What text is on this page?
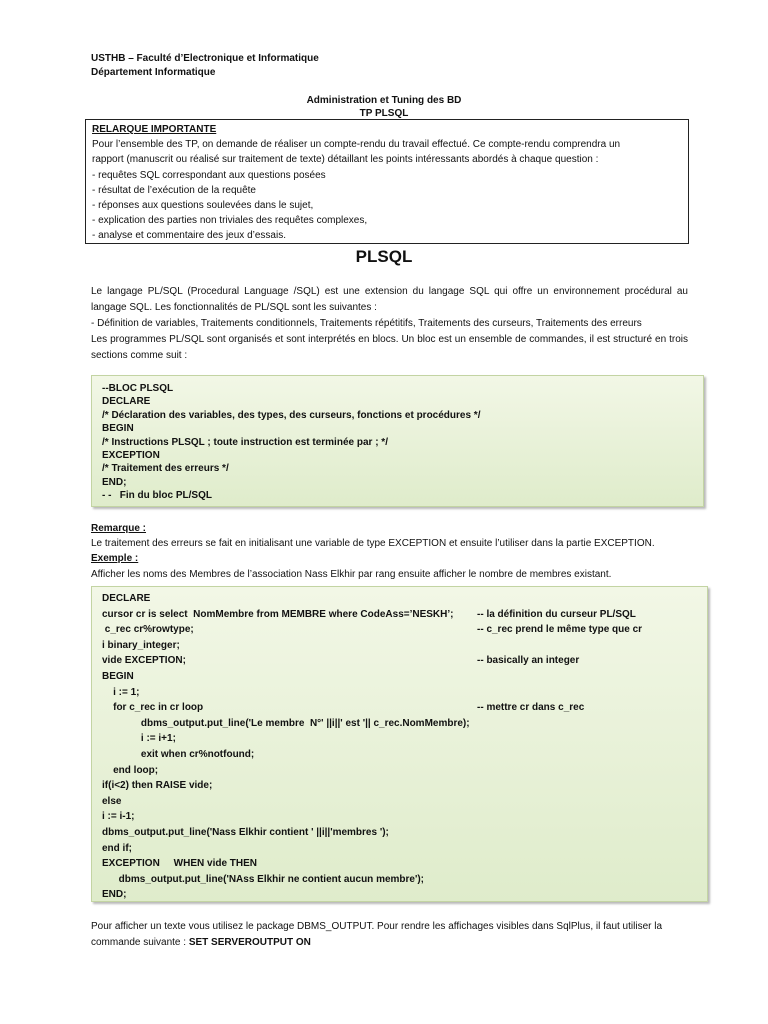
USTHB – Faculté d’Electronique et Informatique
Département Informatique
Administration et Tuning des BD
TP PLSQL
RELARQUE IMPORTANTE
Pour l’ensemble des TP, on demande de réaliser un compte-rendu du travail effectué. Ce compte-rendu comprendra un
rapport (manuscrit ou réalisé sur traitement de texte) détaillant les points intéressants abordés à chaque question :
- requêtes SQL correspondant aux questions posées
- résultat de l’exécution de la requête
- réponses aux questions soulevées dans le sujet,
- explication des parties non triviales des requêtes complexes,
- analyse et commentaire des jeux d’essais.
PLSQL
Le langage PL/SQL (Procedural Language /SQL) est une extension du langage SQL qui offre un environnement procédural au langage SQL. Les fonctionnalités de PL/SQL sont les suivantes :
- Définition de variables, Traitements conditionnels, Traitements répétitifs, Traitements des curseurs, Traitements des erreurs
Les programmes PL/SQL sont organisés et sont interprétés en blocs. Un bloc est un ensemble de commandes, il est structuré en trois sections comme suit :
--BLOC PLSQL
DECLARE
/* Déclaration des variables, des types, des curseurs, fonctions et procédures */
BEGIN
/* Instructions PLSQL ; toute instruction est terminée par ; */
EXCEPTION
/* Traitement des erreurs */
END;
- -   Fin du bloc PL/SQL
Remarque :
Le traitement des erreurs se fait en initialisant une variable de type EXCEPTION et ensuite l’utiliser dans la partie EXCEPTION.
Exemple :
Afficher les noms des Membres de l’association Nass Elkhir par rang ensuite afficher le nombre de membres existant.
DECLARE
cursor cr is select  NomMembre from MEMBRE where CodeAss=’NESKH’; -- la définition du curseur PL/SQL
c_rec cr%rowtype;	-- c_rec prend le même type que cr
i binary_integer;
vide EXCEPTION;	-- basically an integer
BEGIN
i := 1;
for c_rec in cr loop	-- mettre cr dans c_rec
dbms_output.put_line('Le membre  N°' ||i||' est '|| c_rec.NomMembre);
i := i+1;
exit when cr%notfound;
end loop;
if(i<2) then RAISE vide;
else
i := i-1;
dbms_output.put_line('Nass Elkhir contient ' ||i||'membres ');
end if;
EXCEPTION     WHEN vide THEN
dbms_output.put_line('NAss Elkhir ne contient aucun membre');
END;
Pour afficher un texte vous utilisez le package DBMS_OUTPUT. Pour rendre les affichages visibles dans SqlPlus, il faut utiliser la commande suivante : SET SERVEROUTPUT ON
